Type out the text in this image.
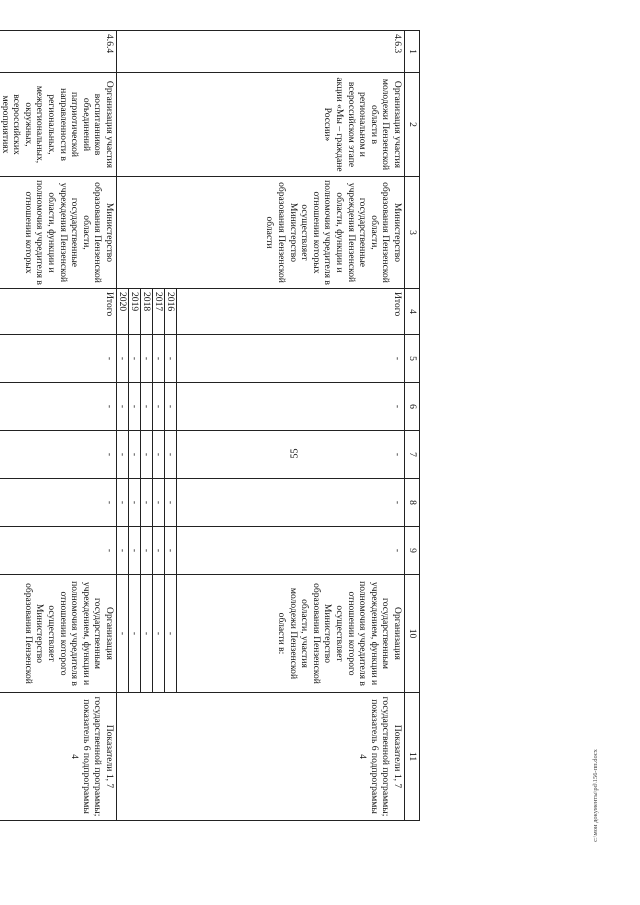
55
1	2	3	4	5	6	7	8	9	10	11
4.6.3	Организация участия молодежи Пензенской области в региональном и всероссийском этапе акции «Мы – граждане России»	Министерство образования Пензенской области, государственные учреждения Пензенской области, функции и полномочия учредителя в отношении которых осуществляет Министерство образования Пензенской области	Итого	-	-	-	-	-	Организация государственным учреждением, функции и полномочия учредителя в отношении которого осуществляет Министерство образования Пензенской области, участия молодежи Пензенской области в:	Показатели 1, 7 государственной программы; показатель 6 подпрограммы 4
			2016	-	-	-	-	-	-	
			2017	-	-	-	-	-	-	
			2018	-	-	-	-	-	-	
			2019	-	-	-	-	-	-	
			2020	-	-	-	-	-	-	
4.6.4	Организация участия воспитанников объединений патриотической направленности в региональных, межрегиональных, окружных, всероссийских мероприятиях	Министерство образования Пензенской области, государственные учреждения Пензенской области, функции и полномочия учредителя в отношении которых	Итого	-	-	-	-	-	Организация государственным учреждением, функции и полномочия учредителя в отношении которого осуществляет Министерство образования Пензенской	Показатели 1, 7 государственной программы; показатель 6 подпрограммы 4	c:\мои документы\pd\156-пп.docx
